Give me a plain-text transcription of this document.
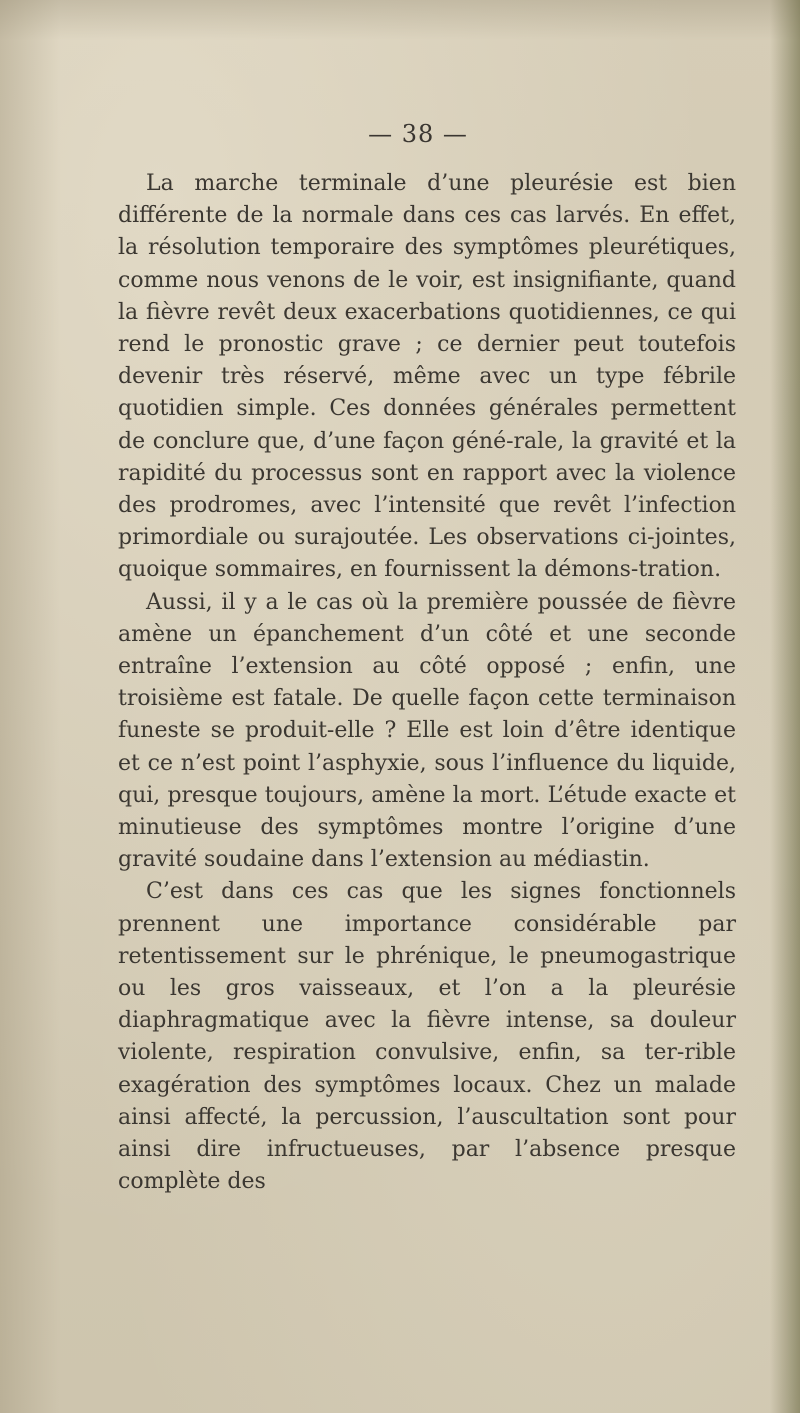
— 38 —

La marche terminale d’une pleurésie est bien différente de la normale dans ces cas larvés. En effet, la résolution temporaire des symptômes pleurétiques, comme nous venons de le voir, est insignifiante, quand la fièvre revêt deux exacerbations quotidiennes, ce qui rend le pronostic grave ; ce dernier peut toutefois devenir très réservé, même avec un type fébrile quotidien simple. Ces données générales permettent de conclure que, d’une façon géné-rale, la gravité et la rapidité du processus sont en rapport avec la violence des prodromes, avec l’intensité que revêt l’infection primordiale ou surajoutée. Les observations ci-jointes, quoique sommaires, en fournissent la démons-tration.

Aussi, il y a le cas où la première poussée de fièvre amène un épanchement d’un côté et une seconde entraîne l’extension au côté opposé ; enfin, une troisième est fatale. De quelle façon cette terminaison funeste se produit-elle ? Elle est loin d’être identique et ce n’est point l’asphyxie, sous l’influence du liquide, qui, presque toujours, amène la mort. L’étude exacte et minutieuse des symptômes montre l’origine d’une gravité soudaine dans l’extension au médiastin.

C’est dans ces cas que les signes fonctionnels prennent une importance considérable par retentissement sur le phrénique, le pneumogastrique ou les gros vaisseaux, et l’on a la pleurésie diaphragmatique avec la fièvre intense, sa douleur violente, respiration convulsive, enfin, sa ter-rible exagération des symptômes locaux. Chez un malade ainsi affecté, la percussion, l’auscultation sont pour ainsi dire infructueuses, par l’absence presque complète des
